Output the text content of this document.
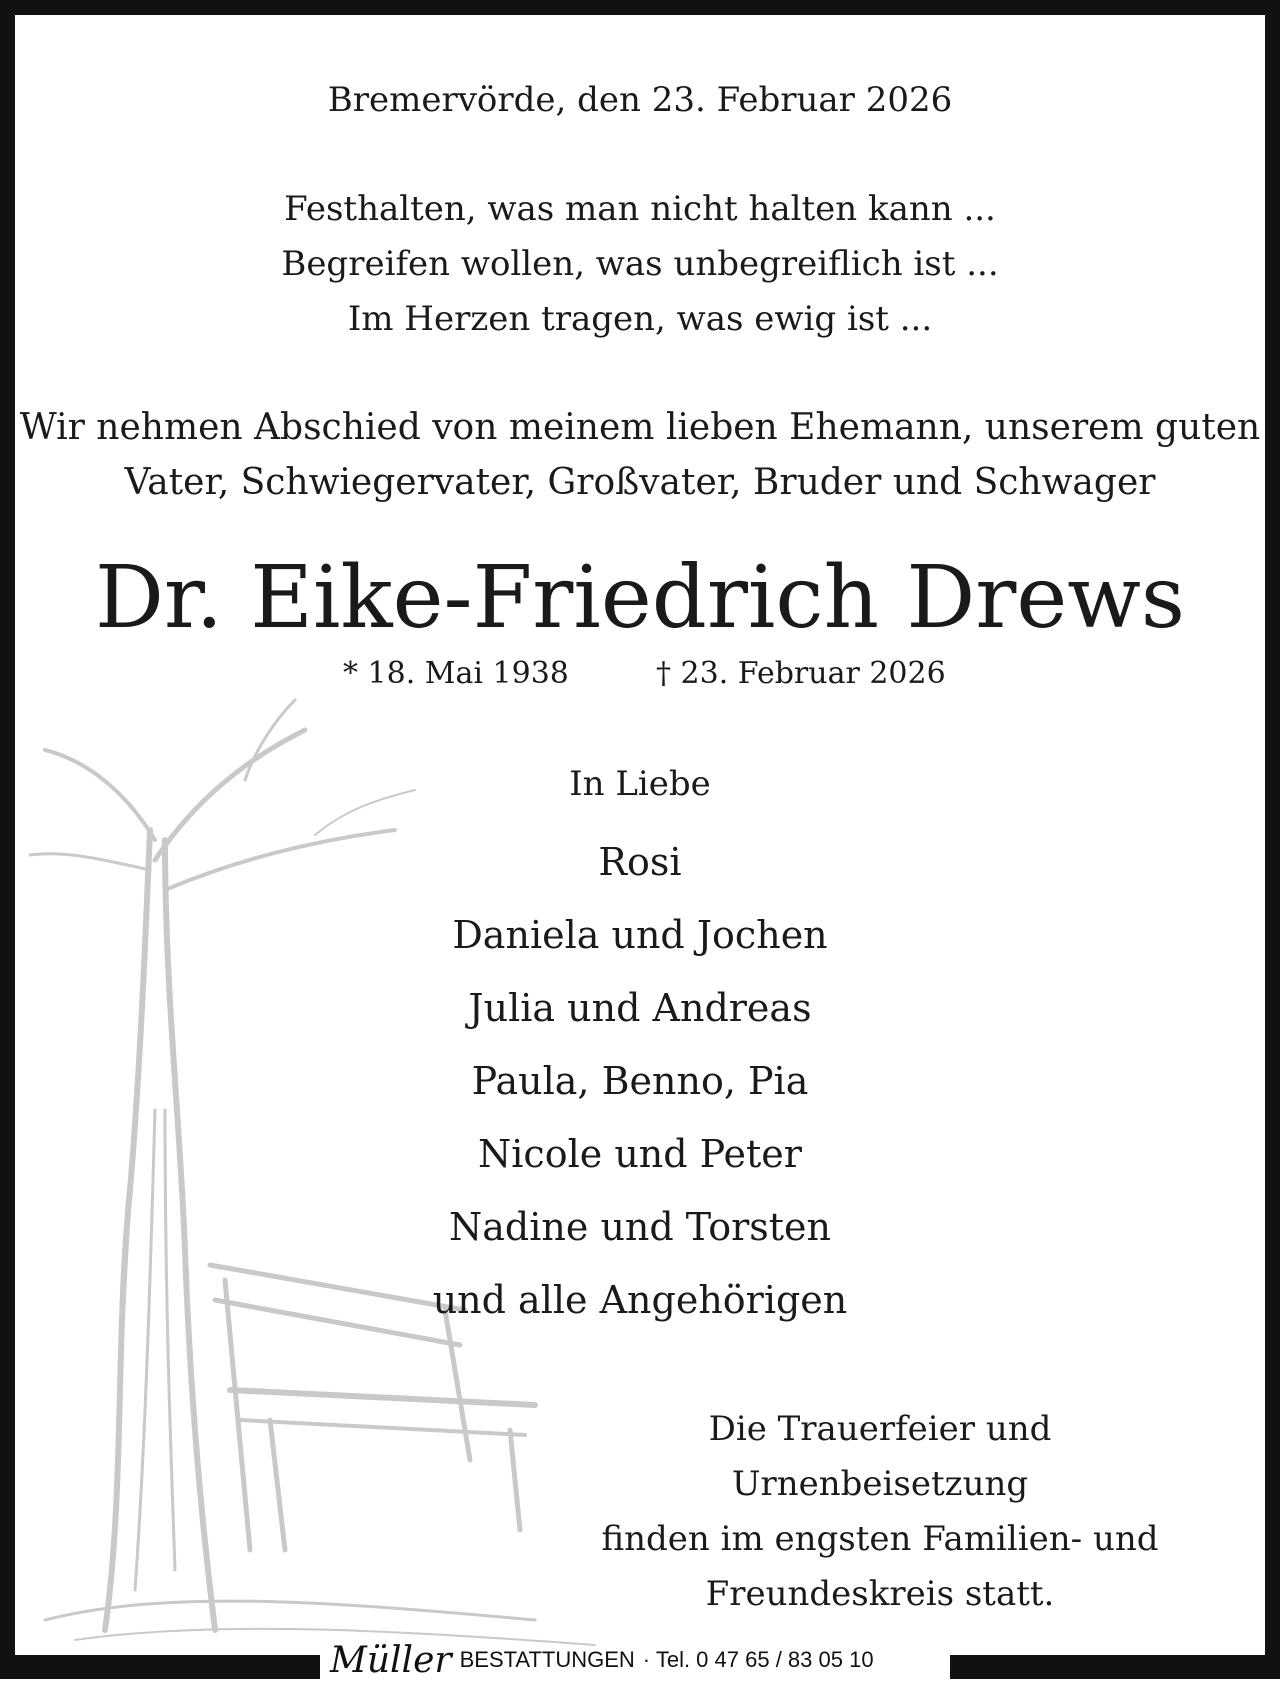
Bremervörde, den 23. Februar 2026
Festhalten, was man nicht halten kann ...
Begreifen wollen, was unbegreiflich ist ...
Im Herzen tragen, was ewig ist ...
Wir nehmen Abschied von meinem lieben Ehemann, unserem guten
Vater, Schwiegervater, Großvater, Bruder und Schwager
Dr. Eike-Friedrich Drews
* 18. Mai 1938	† 23. Februar 2026
In Liebe
Rosi
Daniela und Jochen
Julia und Andreas
Paula, Benno, Pia
Nicole und Peter
Nadine und Torsten
und alle Angehörigen
Die Trauerfeier und Urnenbeisetzung
finden im engsten Familien- und
Freundeskreis statt.
Müller BESTATTUNGEN · Tel. 0 47 65 / 83 05 10
